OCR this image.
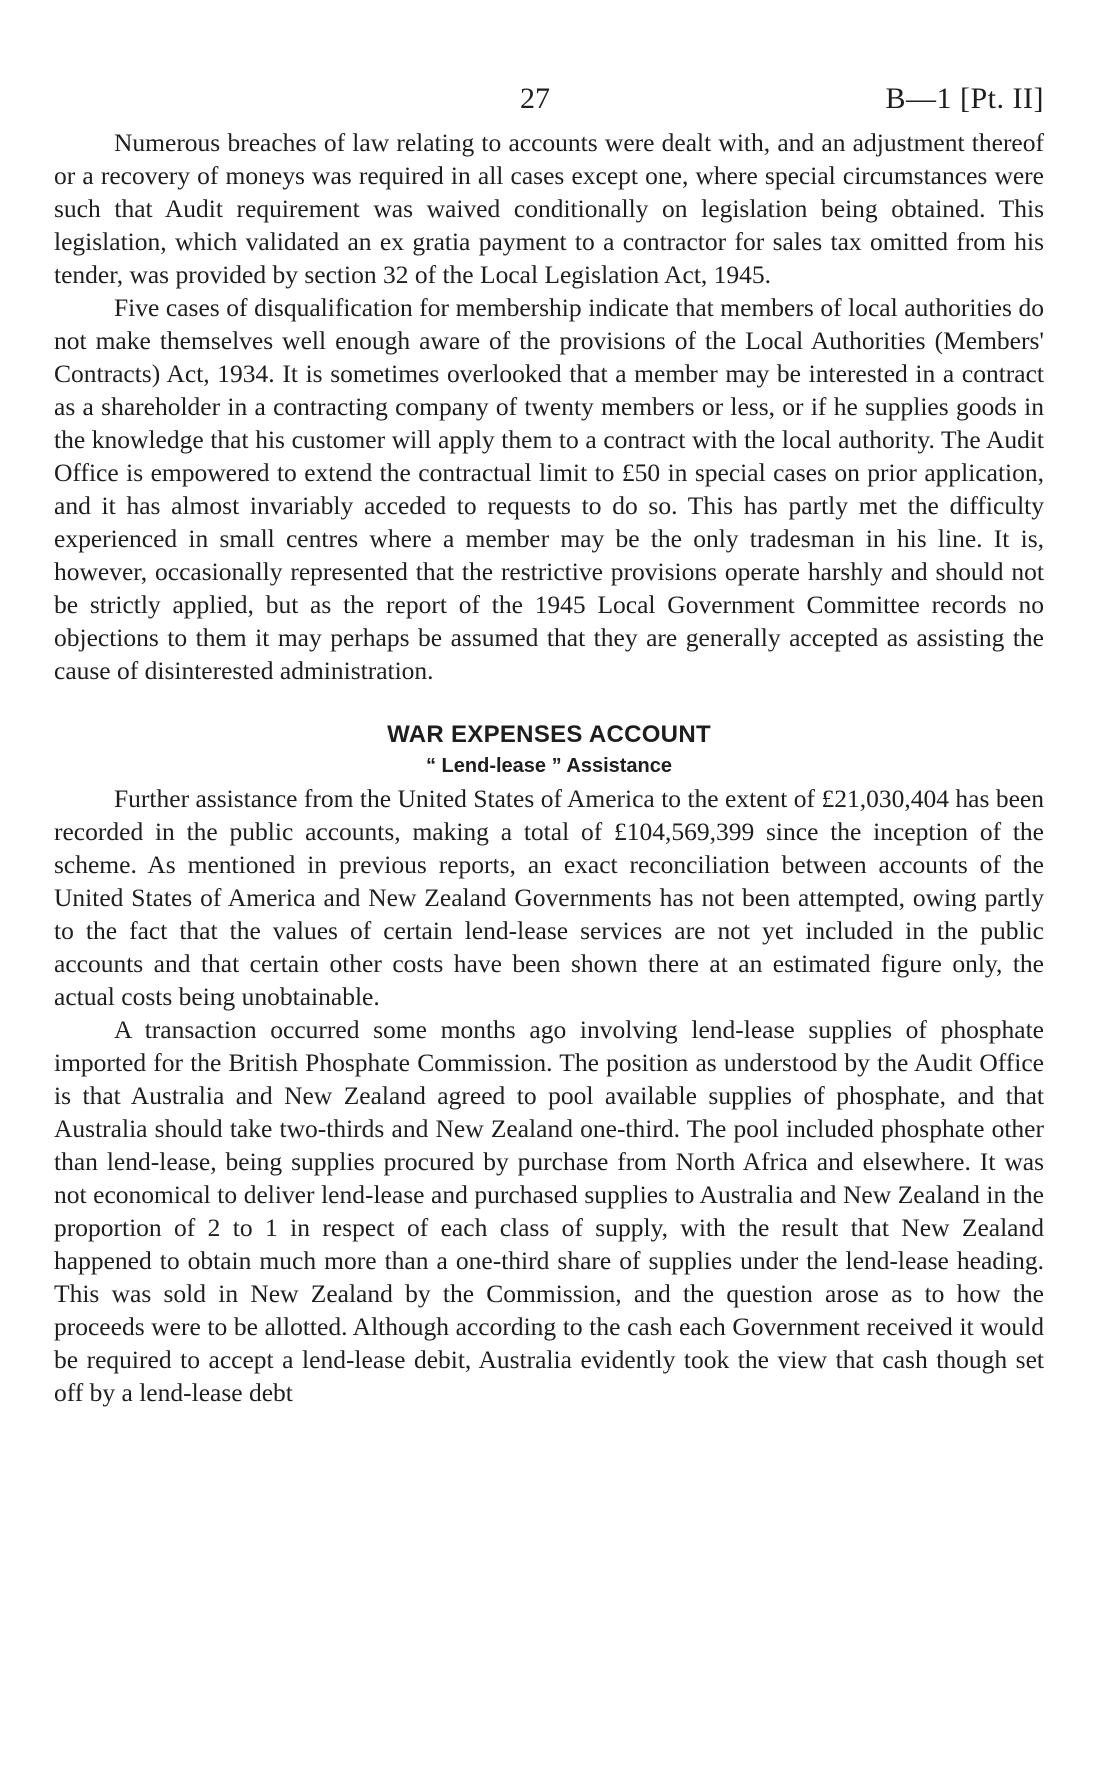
27	B—1 [Pt. II]

Numerous breaches of law relating to accounts were dealt with, and an adjustment thereof or a recovery of moneys was required in all cases except one, where special circumstances were such that Audit requirement was waived conditionally on legislation being obtained. This legislation, which validated an ex gratia payment to a contractor for sales tax omitted from his tender, was provided by section 32 of the Local Legislation Act, 1945.

Five cases of disqualification for membership indicate that members of local authorities do not make themselves well enough aware of the provisions of the Local Authorities (Members' Contracts) Act, 1934. It is sometimes overlooked that a member may be interested in a contract as a shareholder in a contracting company of twenty members or less, or if he supplies goods in the knowledge that his customer will apply them to a contract with the local authority. The Audit Office is empowered to extend the contractual limit to £50 in special cases on prior application, and it has almost invariably acceded to requests to do so. This has partly met the difficulty experienced in small centres where a member may be the only tradesman in his line. It is, however, occasionally represented that the restrictive provisions operate harshly and should not be strictly applied, but as the report of the 1945 Local Government Committee records no objections to them it may perhaps be assumed that they are generally accepted as assisting the cause of disinterested administration.

WAR EXPENSES ACCOUNT
“ Lend-lease ” Assistance

Further assistance from the United States of America to the extent of £21,030,404 has been recorded in the public accounts, making a total of £104,569,399 since the inception of the scheme. As mentioned in previous reports, an exact reconciliation between accounts of the United States of America and New Zealand Governments has not been attempted, owing partly to the fact that the values of certain lend-lease services are not yet included in the public accounts and that certain other costs have been shown there at an estimated figure only, the actual costs being unobtainable.

A transaction occurred some months ago involving lend-lease supplies of phosphate imported for the British Phosphate Commission. The position as understood by the Audit Office is that Australia and New Zealand agreed to pool available supplies of phosphate, and that Australia should take two-thirds and New Zealand one-third. The pool included phosphate other than lend-lease, being supplies procured by purchase from North Africa and elsewhere. It was not economical to deliver lend-lease and purchased supplies to Australia and New Zealand in the proportion of 2 to 1 in respect of each class of supply, with the result that New Zealand happened to obtain much more than a one-third share of supplies under the lend-lease heading. This was sold in New Zealand by the Commission, and the question arose as to how the proceeds were to be allotted. Although according to the cash each Government received it would be required to accept a lend-lease debit, Australia evidently took the view that cash though set off by a lend-lease debt
